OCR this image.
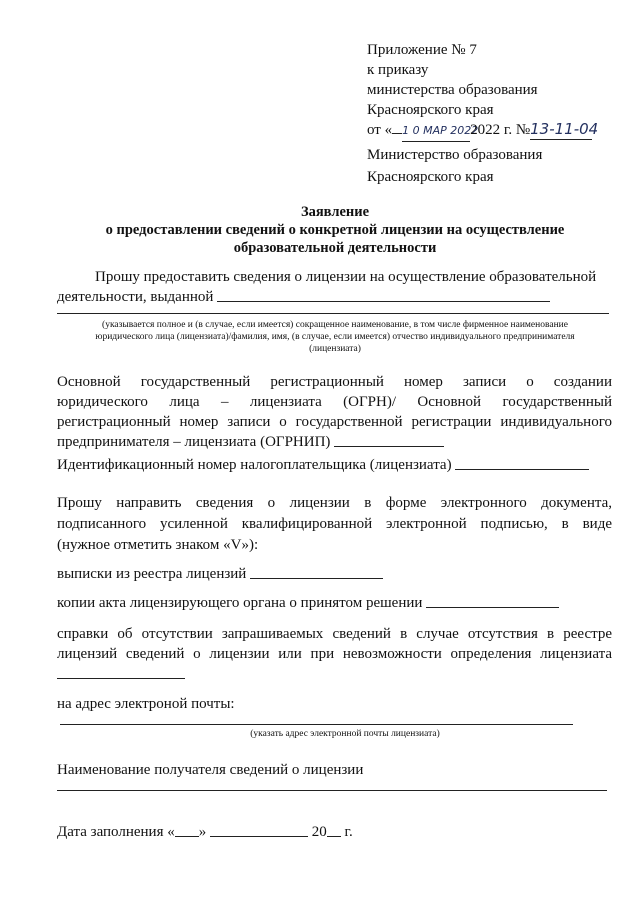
Приложение № 7
к приказу
министерства образования
Красноярского края
от « 1 0 МАР 20222022 г. №13-11-04
Министерство образования
Красноярского края
Заявление
о предоставлении сведений о конкретной лицензии на осуществление
образовательной деятельности
Прошу предоставить сведения о лицензии на осуществление образовательной
деятельности, выданной
(указывается полное и (в случае, если имеется) сокращенное наименование, в том числе фирменное наименование
юридического лица (лицензиата)/фамилия, имя, (в случае, если имеется) отчество индивидуального предпринимателя
(лицензиата)
Основной государственный регистрационный номер записи о создании
юридического лица – лицензиата (ОГРН)/ Основной государственный
регистрационный номер записи о государственной регистрации индивидуального
предпринимателя – лицензиата (ОГРНИП)
Идентификационный номер налогоплательщика (лицензиата)
Прошу направить сведения о лицензии в форме электронного документа,
подписанного усиленной квалифицированной электронной подписью, в виде
(нужное отметить знаком «V»):
выписки из реестра лицензий
копии акта лицензирующего органа о принятом решении
справки об отсутствии запрашиваемых сведений в случае отсутствия в реестре
лицензий сведений о лицензии или при невозможности определения лицензиата
на адрес электроной почты:
(указать адрес электронной почты лицензиата)
Наименование получателя сведений о лицензии
Дата заполнения « »	20 г.
